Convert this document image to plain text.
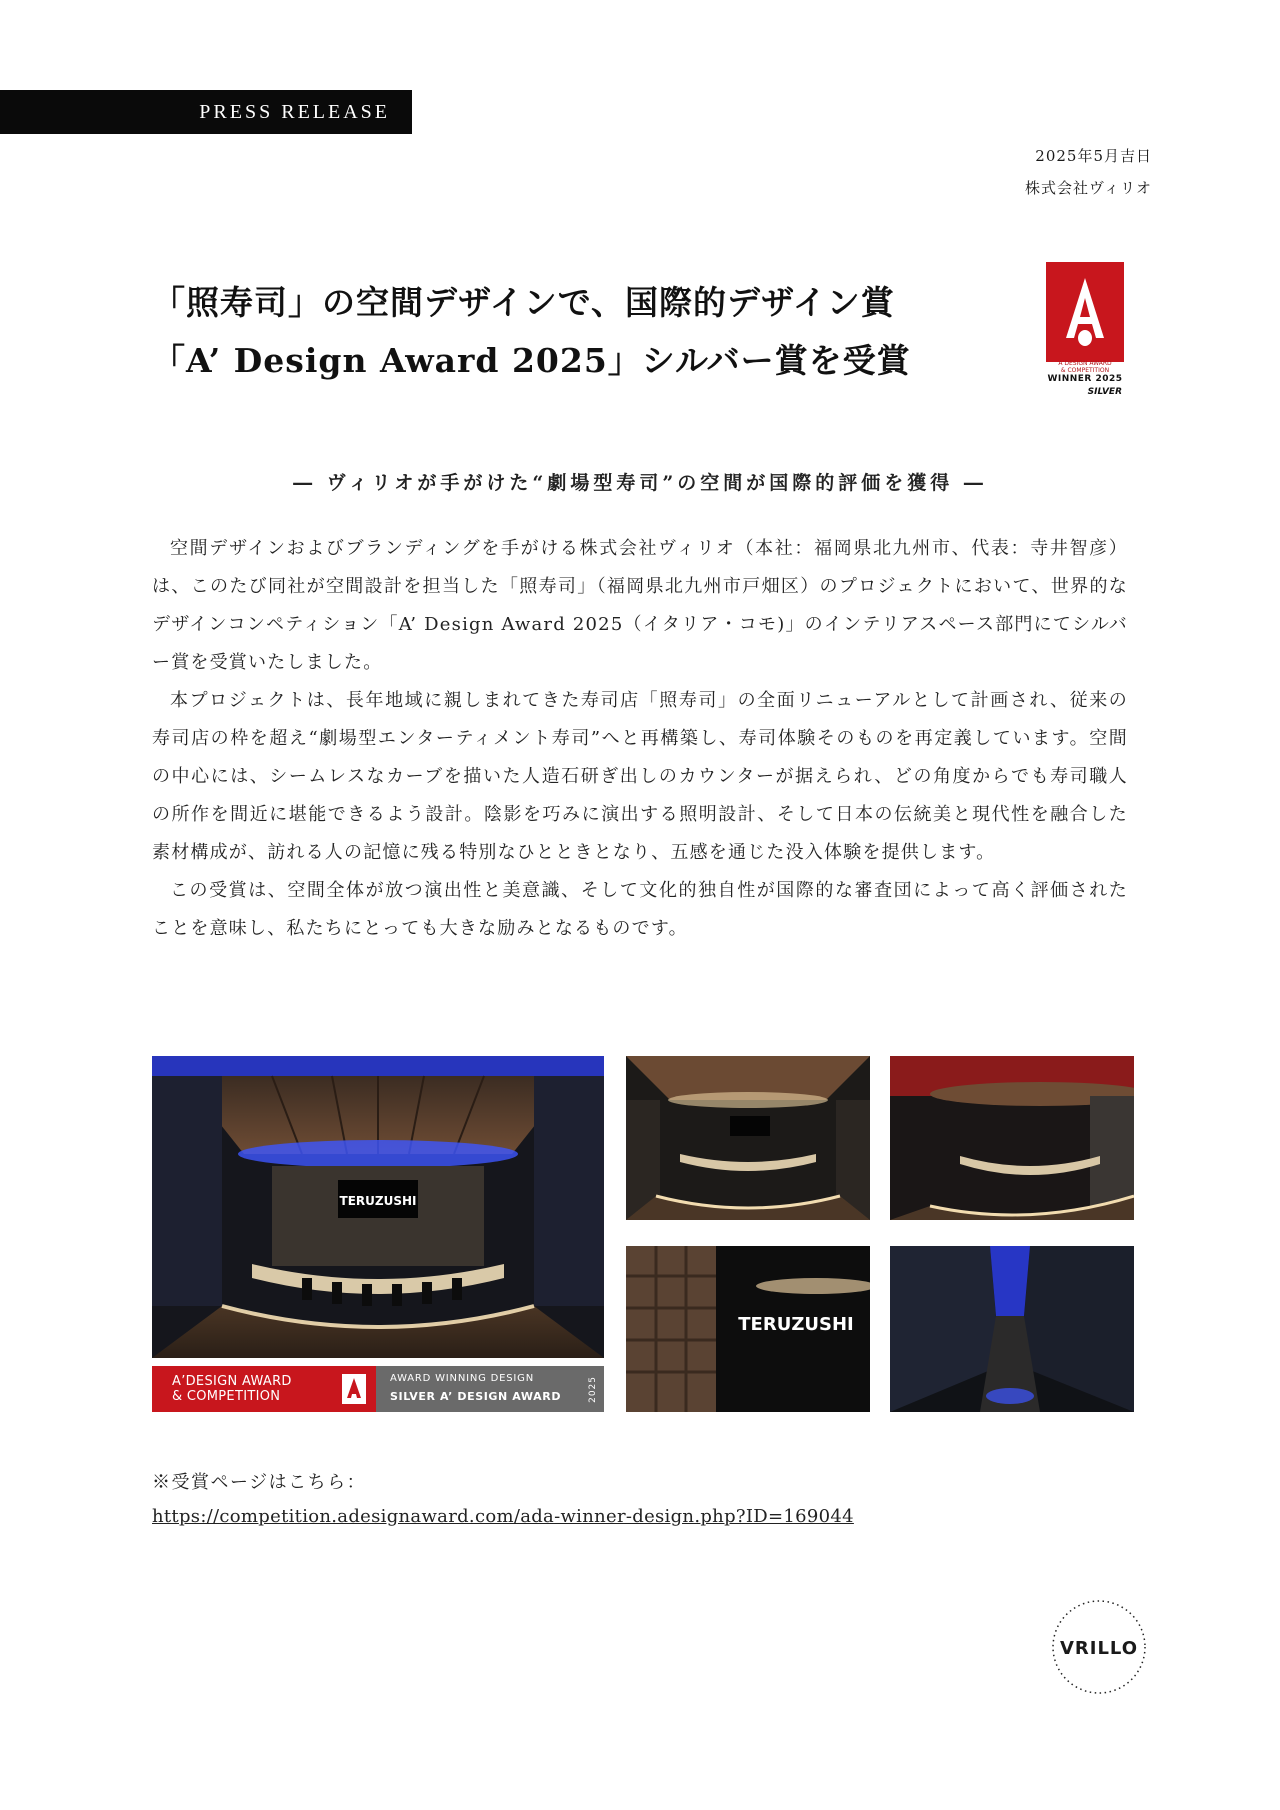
PRESS RELEASE
2025年5月吉日
株式会社ヴィリオ
「照寿司」の空間デザインで、国際的デザイン賞
「A’ Design Award 2025」シルバー賞を受賞	A’DESIGN AWARD
& COMPETITION
WINNER 2025
SILVER
― ヴィリオが手がけた“劇場型寿司”の空間が国際的評価を獲得 ―

空間デザインおよびブランディングを手がける株式会社ヴィリオ（本社：福岡県北九州市、代表：寺井智彦）は、このたび同社が空間設計を担当した「照寿司」（福岡県北九州市戸畑区）のプロジェクトにおいて、世界的なデザインコンペティション「A’ Design Award 2025（イタリア・コモ)」のインテリアスペース部門にてシルバー賞を受賞いたしました。

本プロジェクトは、長年地域に親しまれてきた寿司店「照寿司」の全面リニューアルとして計画され、従来の寿司店の枠を超え“劇場型エンターティメント寿司”へと再構築し、寿司体験そのものを再定義しています。空間の中心には、シームレスなカーブを描いた人造石研ぎ出しのカウンターが据えられ、どの角度からでも寿司職人の所作を間近に堪能できるよう設計。陰影を巧みに演出する照明設計、そして日本の伝統美と現代性を融合した素材構成が、訪れる人の記憶に残る特別なひとときとなり、五感を通じた没入体験を提供します。

この受賞は、空間全体が放つ演出性と美意識、そして文化的独自性が国際的な審査団によって高く評価されたことを意味し、私たちにとっても大きな励みとなるものです。

TERUZUSHI
TERUZUSHI
A’DESIGN AWARD
& COMPETITION
AWARD WINNING DESIGN
SILVER A’ DESIGN AWARD	2025
※受賞ページはこちら：
https://competition.adesignaward.com/ada-winner-design.php?ID=169044
VRILLO
